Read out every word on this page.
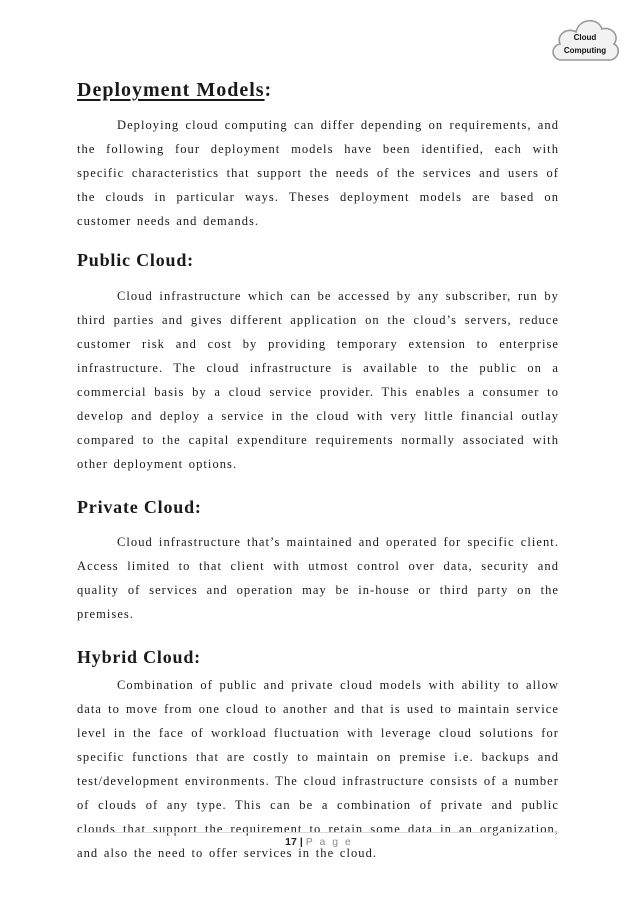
Cloud
Computing
Deployment Models:

Deploying cloud computing can differ depending on requirements, and the following four deployment models have been identified, each with specific characteristics that support the needs of the services and users of the clouds in particular ways. Theses deployment models are based on customer needs and demands.

Public Cloud:

Cloud infrastructure which can be accessed by any subscriber, run by third parties and gives different application on the cloud’s servers, reduce customer risk and cost by providing temporary extension to enterprise infrastructure. The cloud infrastructure is available to the public on a commercial basis by a cloud service provider. This enables a consumer to develop and deploy a service in the cloud with very little financial outlay compared to the capital expenditure requirements normally associated with other deployment options.

Private Cloud:

Cloud infrastructure that’s maintained and operated for specific client. Access limited to that client with utmost control over data, security and quality of services and operation may be in-house or third party on the premises.

Hybrid Cloud:

Combination of public and private cloud models with ability to allow data to move from one cloud to another and that is used to maintain service level in the face of workload fluctuation with leverage cloud solutions for specific functions that are costly to maintain on premise i.e. backups and test/development environments. The cloud infrastructure consists of a number of clouds of any type. This can be a combination of private and public clouds that support the requirement to retain some data in an organization, and also the need to offer services in the cloud.

17 | P a g e
